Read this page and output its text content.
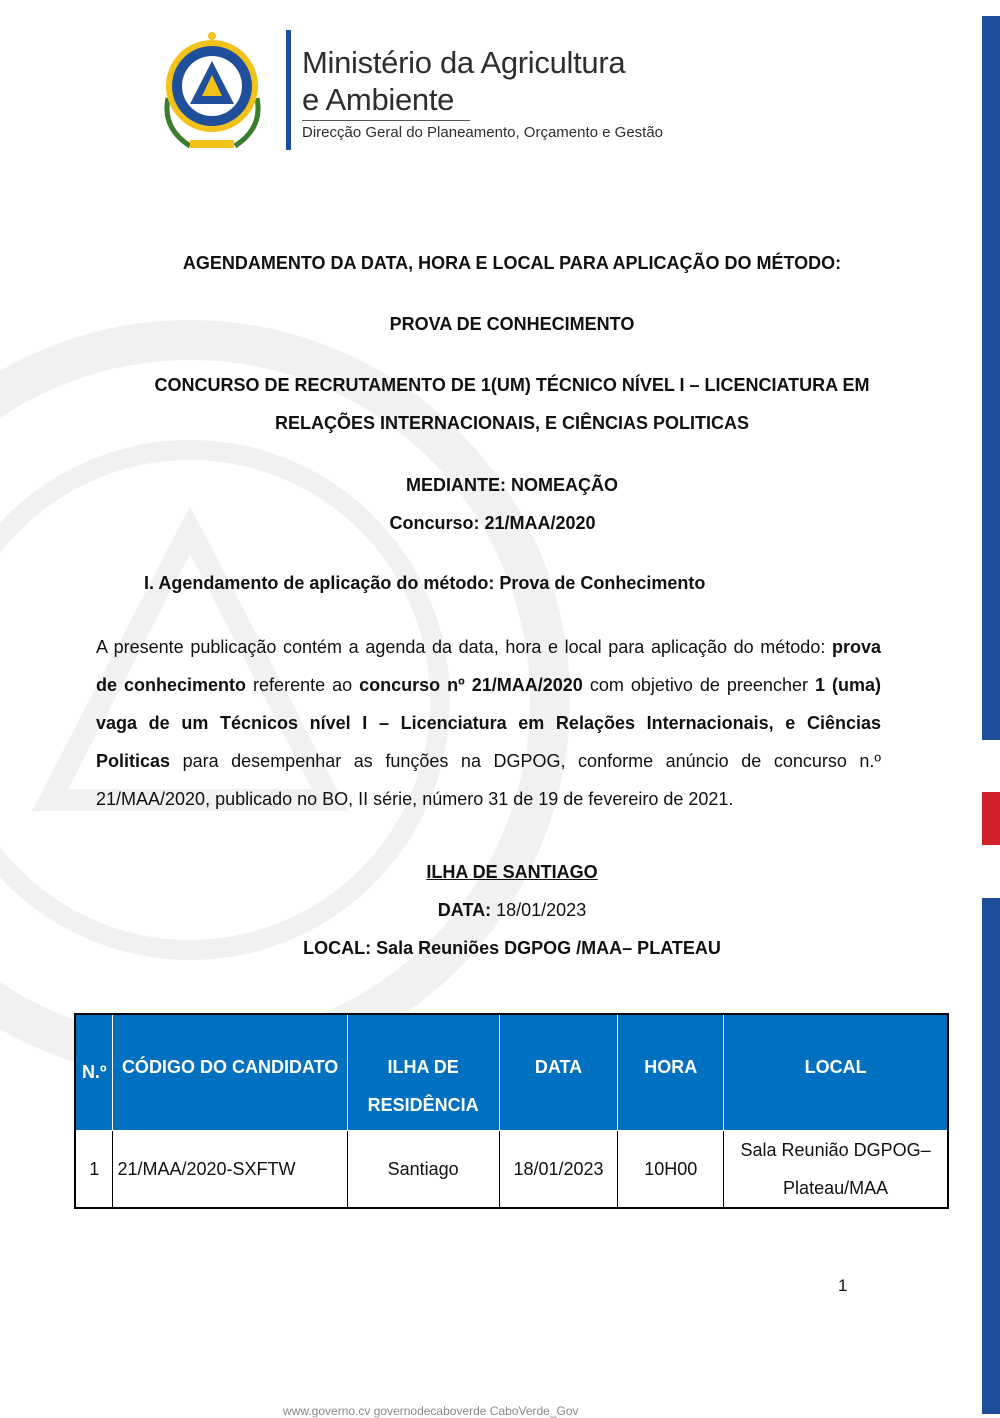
Ministério da Agricultura
e Ambiente
Direcção Geral do Planeamento, Orçamento e Gestão
AGENDAMENTO DA DATA, HORA E LOCAL PARA APLICAÇÃO DO MÉTODO:
PROVA DE CONHECIMENTO
CONCURSO DE RECRUTAMENTO DE 1(UM) TÉCNICO NÍVEL I – LICENCIATURA EM
RELAÇÕES INTERNACIONAIS, E CIÊNCIAS POLITICAS
MEDIANTE: NOMEAÇÃO
Concurso: 21/MAA/2020
I. Agendamento de aplicação do método: Prova de Conhecimento
A presente publicação contém a agenda da data, hora e local para aplicação do método: prova
de conhecimento referente ao concurso nº 21/MAA/2020 com objetivo de preencher 1 (uma)
vaga de um Técnicos nível I – Licenciatura em Relações Internacionais, e Ciências
Politicas para desempenhar as funções na DGPOG, conforme anúncio de concurso n.º
21/MAA/2020, publicado no BO, II série, número 31 de 19 de fevereiro de 2021.
ILHA DE SANTIAGO
DATA: 18/01/2023
LOCAL: Sala Reuniões DGPOG /MAA– PLATEAU
N.º	CÓDIGO DO CANDIDATO	ILHA DE RESIDÊNCIA	DATA	HORA	LOCAL
1	21/MAA/2020-SXFTW	Santiago	18/01/2023	10H00	Sala Reunião DGPOG– Plateau/MAA
1
www.governo.cv governodecaboverde CaboVerde_Gov
